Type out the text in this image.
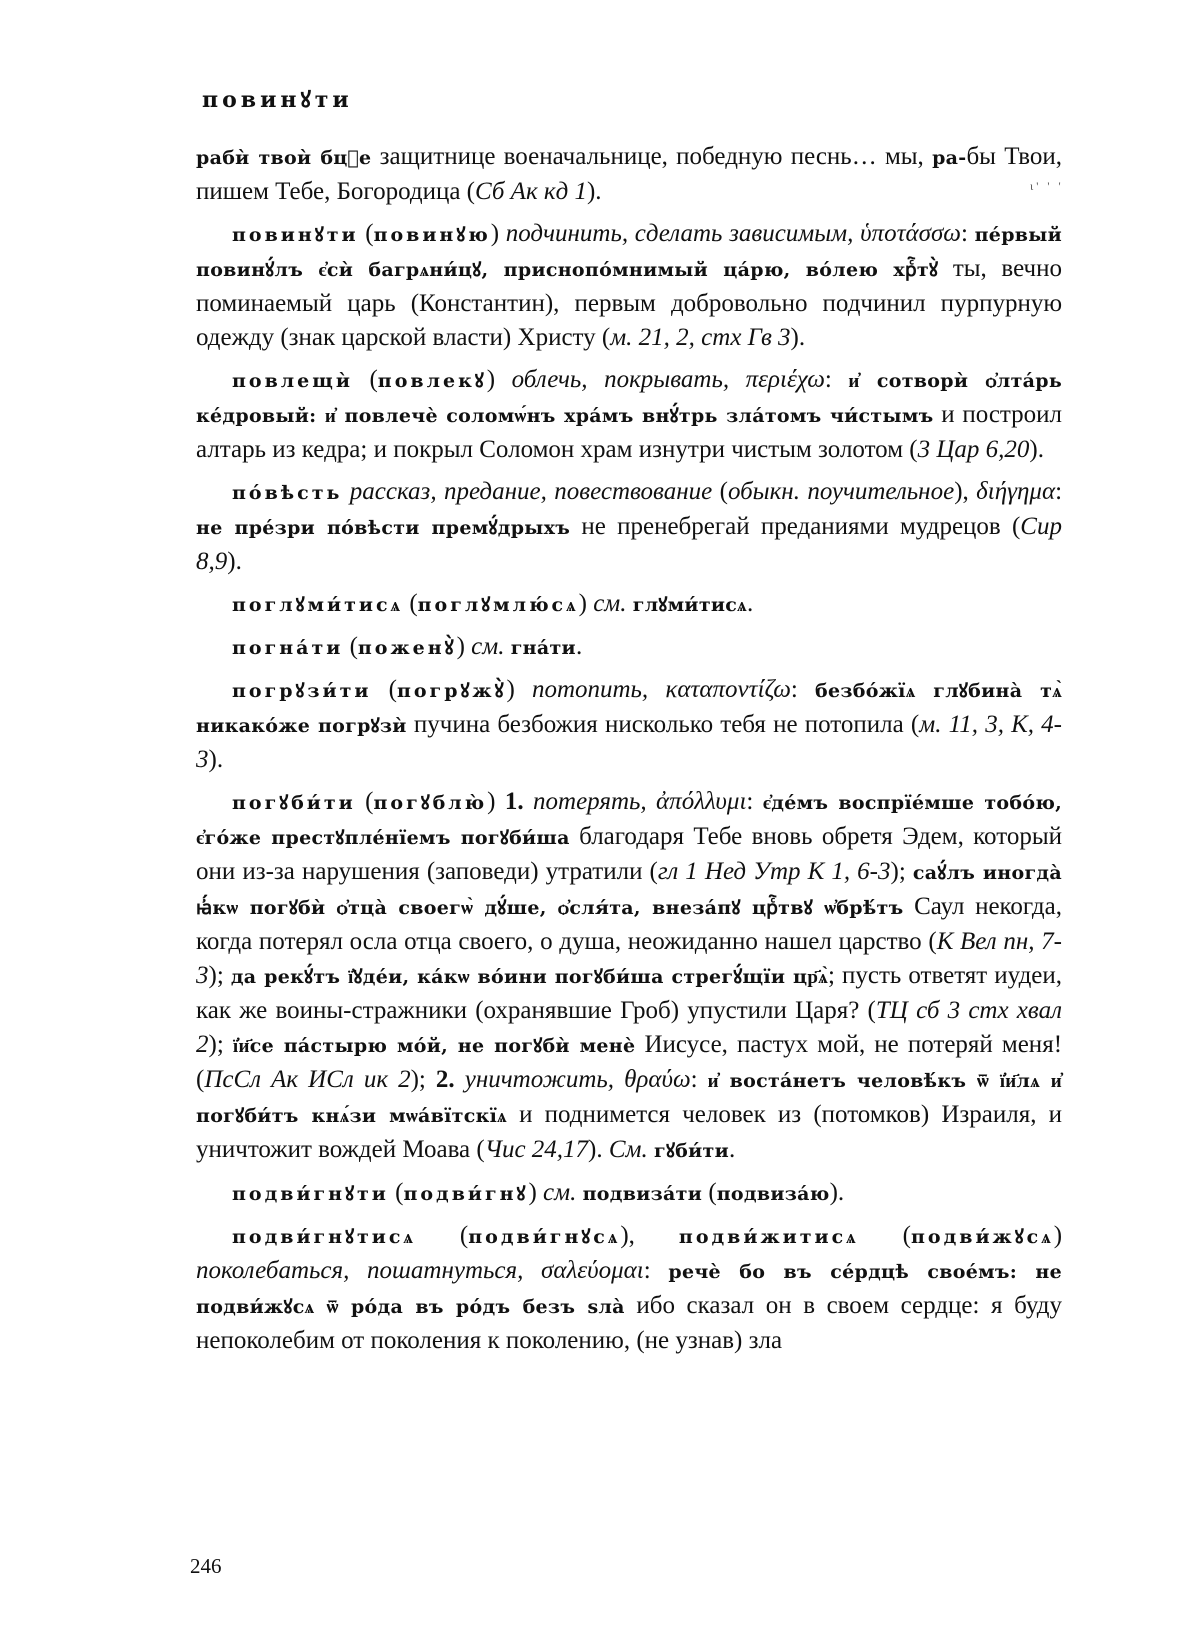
повинꙋти
ι' ' '

рабѝ твоѝ бцⷣе защитнице военачальнице, победную песнь… мы, ра-бы Твои, пишем Тебе, Богородица (Сб Ак кд 1).

повинꙋти (повинꙋю) подчинить, сделать зависимым, ὑποτάσσω: пе́рвый повинꙋ́лъ є҆сѝ багрѧни́цꙋ, приснопо́мнимый ца́рю, во́лею хрⷭ҇тꙋ̀ ты, вечно поминаемый царь (Константин), первым добровольно подчинил пурпурную одежду (знак царской власти) Христу (м. 21, 2, стх Гв 3).

повлещѝ (повлекꙋ) облечь, покрывать, περιέχω: и҆ сотворѝ ѻ҆лта́рь ке́дровый: и҆ повлечѐ соломѡ́нъ хра́мъ внꙋ́трь зла́томъ чи́стымъ и построил алтарь из кедра; и покрыл Соломон храм изнутри чистым золотом (3 Цар 6,20).

по́вѣсть рассказ, предание, повествование (обыкн. поучительное), διήγημα: не пре́зри по́вѣсти премꙋ́дрыхъ не пренебрегай преданиями мудрецов (Сир 8,9).

поглꙋми́тисѧ (поглꙋмлю́сѧ) см. глꙋми́тисѧ.

погна́ти (поженꙋ̀) см. гна́ти.

погрꙋзи́ти (погрꙋжꙋ̀) потопить, καταποντίζω: безбо́жїѧ глꙋбина̀ тѧ̀ никако́же погрꙋзѝ пучина безбожия нисколько тебя не потопила (м. 11, 3, К, 4-3).

погꙋби́ти (погꙋблю̀) 1. потерять, ἀπόλλυμι: є҆де́мъ воспрїе́мше тобо́ю, є҆го́же престꙋпле́нїемъ погꙋби́ша благодаря Тебе вновь обретя Эдем, который они из-за нарушения (заповеди) утратили (гл 1 Нед Утр К 1, 6-3); саꙋ́лъ иногда̀ ꙗ҆́кѡ погꙋбѝ ѻ҆тца̀ своегѡ̀ дꙋ́ше, ѻ҆сля́та, внеза́пꙋ црⷭ҇твꙋ ѡ҆брѣ́тъ Саул некогда, когда потерял осла отца своего, о душа, неожиданно нашел царство (К Вел пн, 7-3); да рекꙋ́тъ ї҆ꙋде́и, ка́кѡ во́ини погꙋби́ша стрегꙋ́щїи цр҃ѧ̀; пусть ответят иудеи, как же воины-стражники (охранявшие Гроб) упустили Царя? (ТЦ сб 3 стх хвал 2); ї҆и҃се па́стырю мо́й, не погꙋбѝ менѐ Иисусе, пастух мой, не потеряй меня! (ПсСл Ак ИСл ик 2); 2. уничтожить, θραύω: и҆ воста́нетъ человѣ́къ ѿ ї҆и҃лѧ и҆ погꙋби́тъ кнѧ́зи мѡа́вїтскїѧ и поднимется человек из (потомков) Израиля, и уничтожит вождей Моава (Чис 24,17). См. гꙋби́ти.

подви́гнꙋти (подви́гнꙋ) см. подвиза́ти (подвиза́ю).

подви́гнꙋтисѧ (подви́гнꙋсѧ), подви́житисѧ (подви́жꙋсѧ) поколебаться, пошатнуться, σαλεύομαι: речѐ бо въ се́рдцѣ свое́мъ: не подви́жꙋсѧ ѿ ро́да въ ро́дъ безъ ѕла̀ ибо сказал он в своем сердце: я буду непоколебим от поколения к поколению, (не узнав) зла

246
